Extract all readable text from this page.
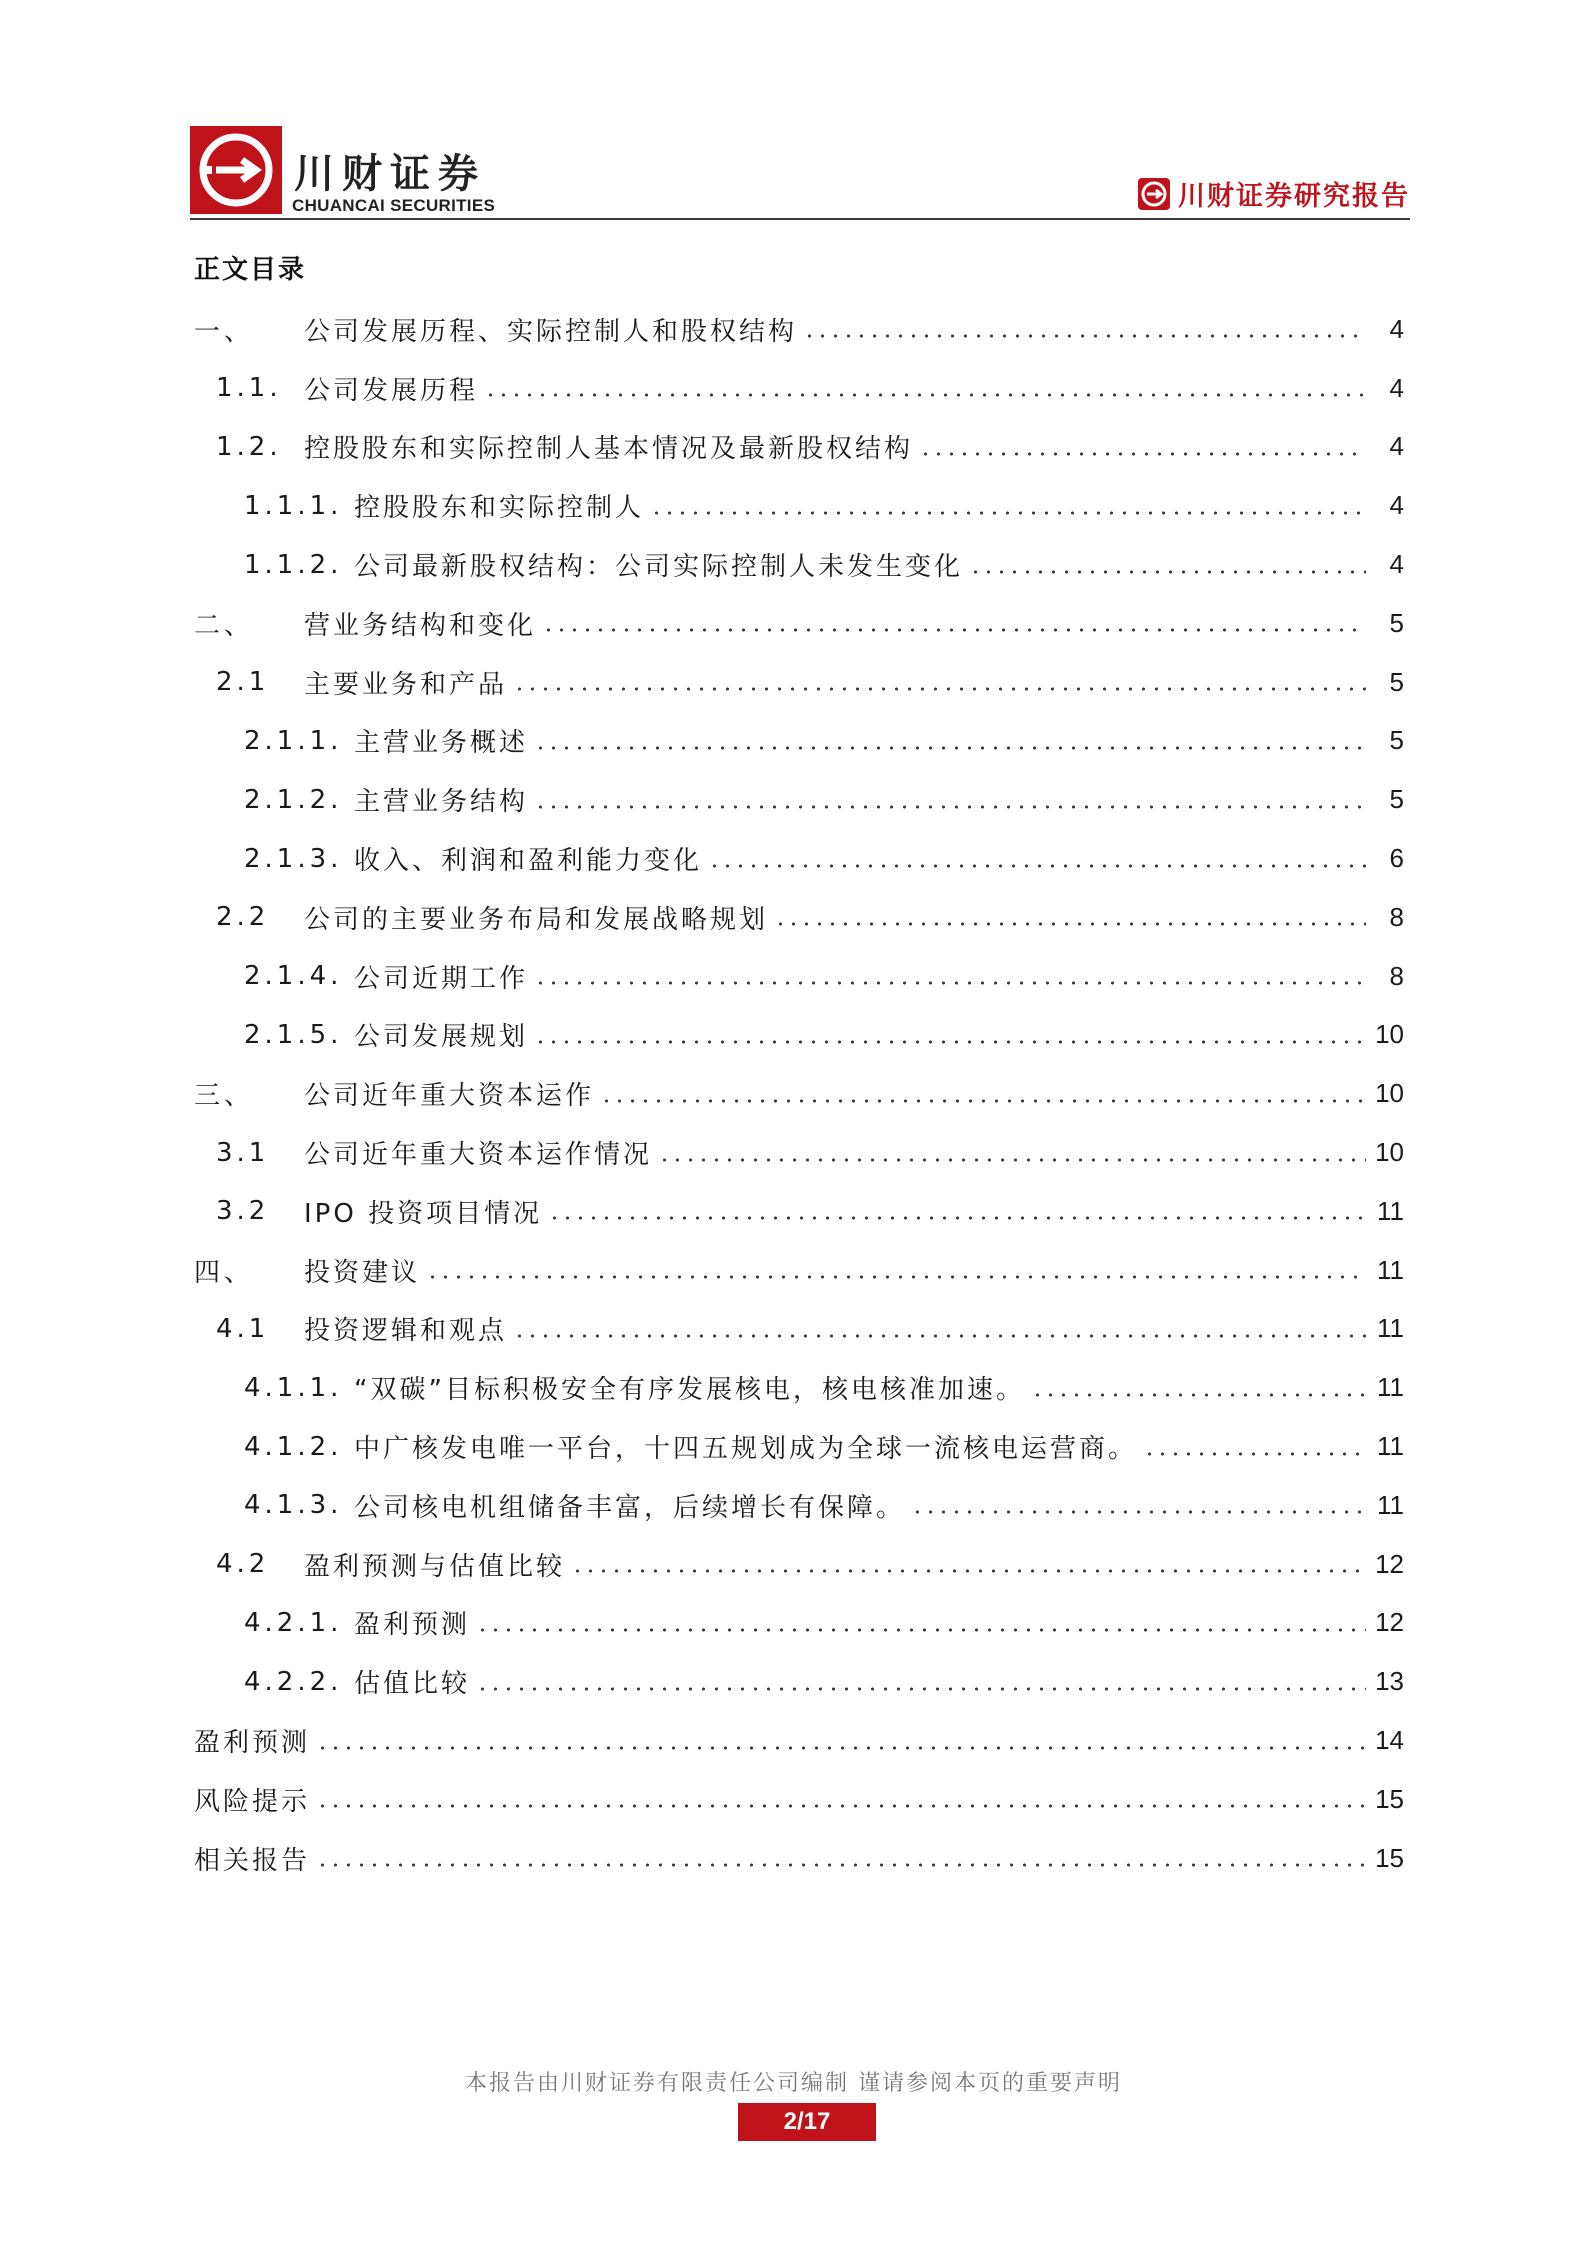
川财证券
CHUANCAI SECURITIES	川财证券研究报告
正文目录
一、	公司发展历程、实际控制人和股权结构	4
1.1. 公司发展历程	4
1.2. 控股股东和实际控制人基本情况及最新股权结构	4
1.1.1. 控股股东和实际控制人	4
1.1.2. 公司最新股权结构：公司实际控制人未发生变化	4
二、	营业务结构和变化	5
2.1	主要业务和产品	5
2.1.1. 主营业务概述	5
2.1.2. 主营业务结构	5
2.1.3. 收入、利润和盈利能力变化	6
2.2	公司的主要业务布局和发展战略规划	8
2.1.4. 公司近期工作	8
2.1.5. 公司发展规划	10
三、	公司近年重大资本运作	10
3.1	公司近年重大资本运作情况	10
3.2	IPO 投资项目情况	11
四、	投资建议	11
4.1	投资逻辑和观点	11
4.1.1. “双碳”目标积极安全有序发展核电，核电核准加速。	11
4.1.2. 中广核发电唯一平台，十四五规划成为全球一流核电运营商。	11
4.1.3. 公司核电机组储备丰富，后续增长有保障。	11
4.2	盈利预测与估值比较	12
4.2.1. 盈利预测	12
4.2.2. 估值比较	13
盈利预测	14
风险提示	15
相关报告	15
本报告由川财证券有限责任公司编制 谨请参阅本页的重要声明
2/17
